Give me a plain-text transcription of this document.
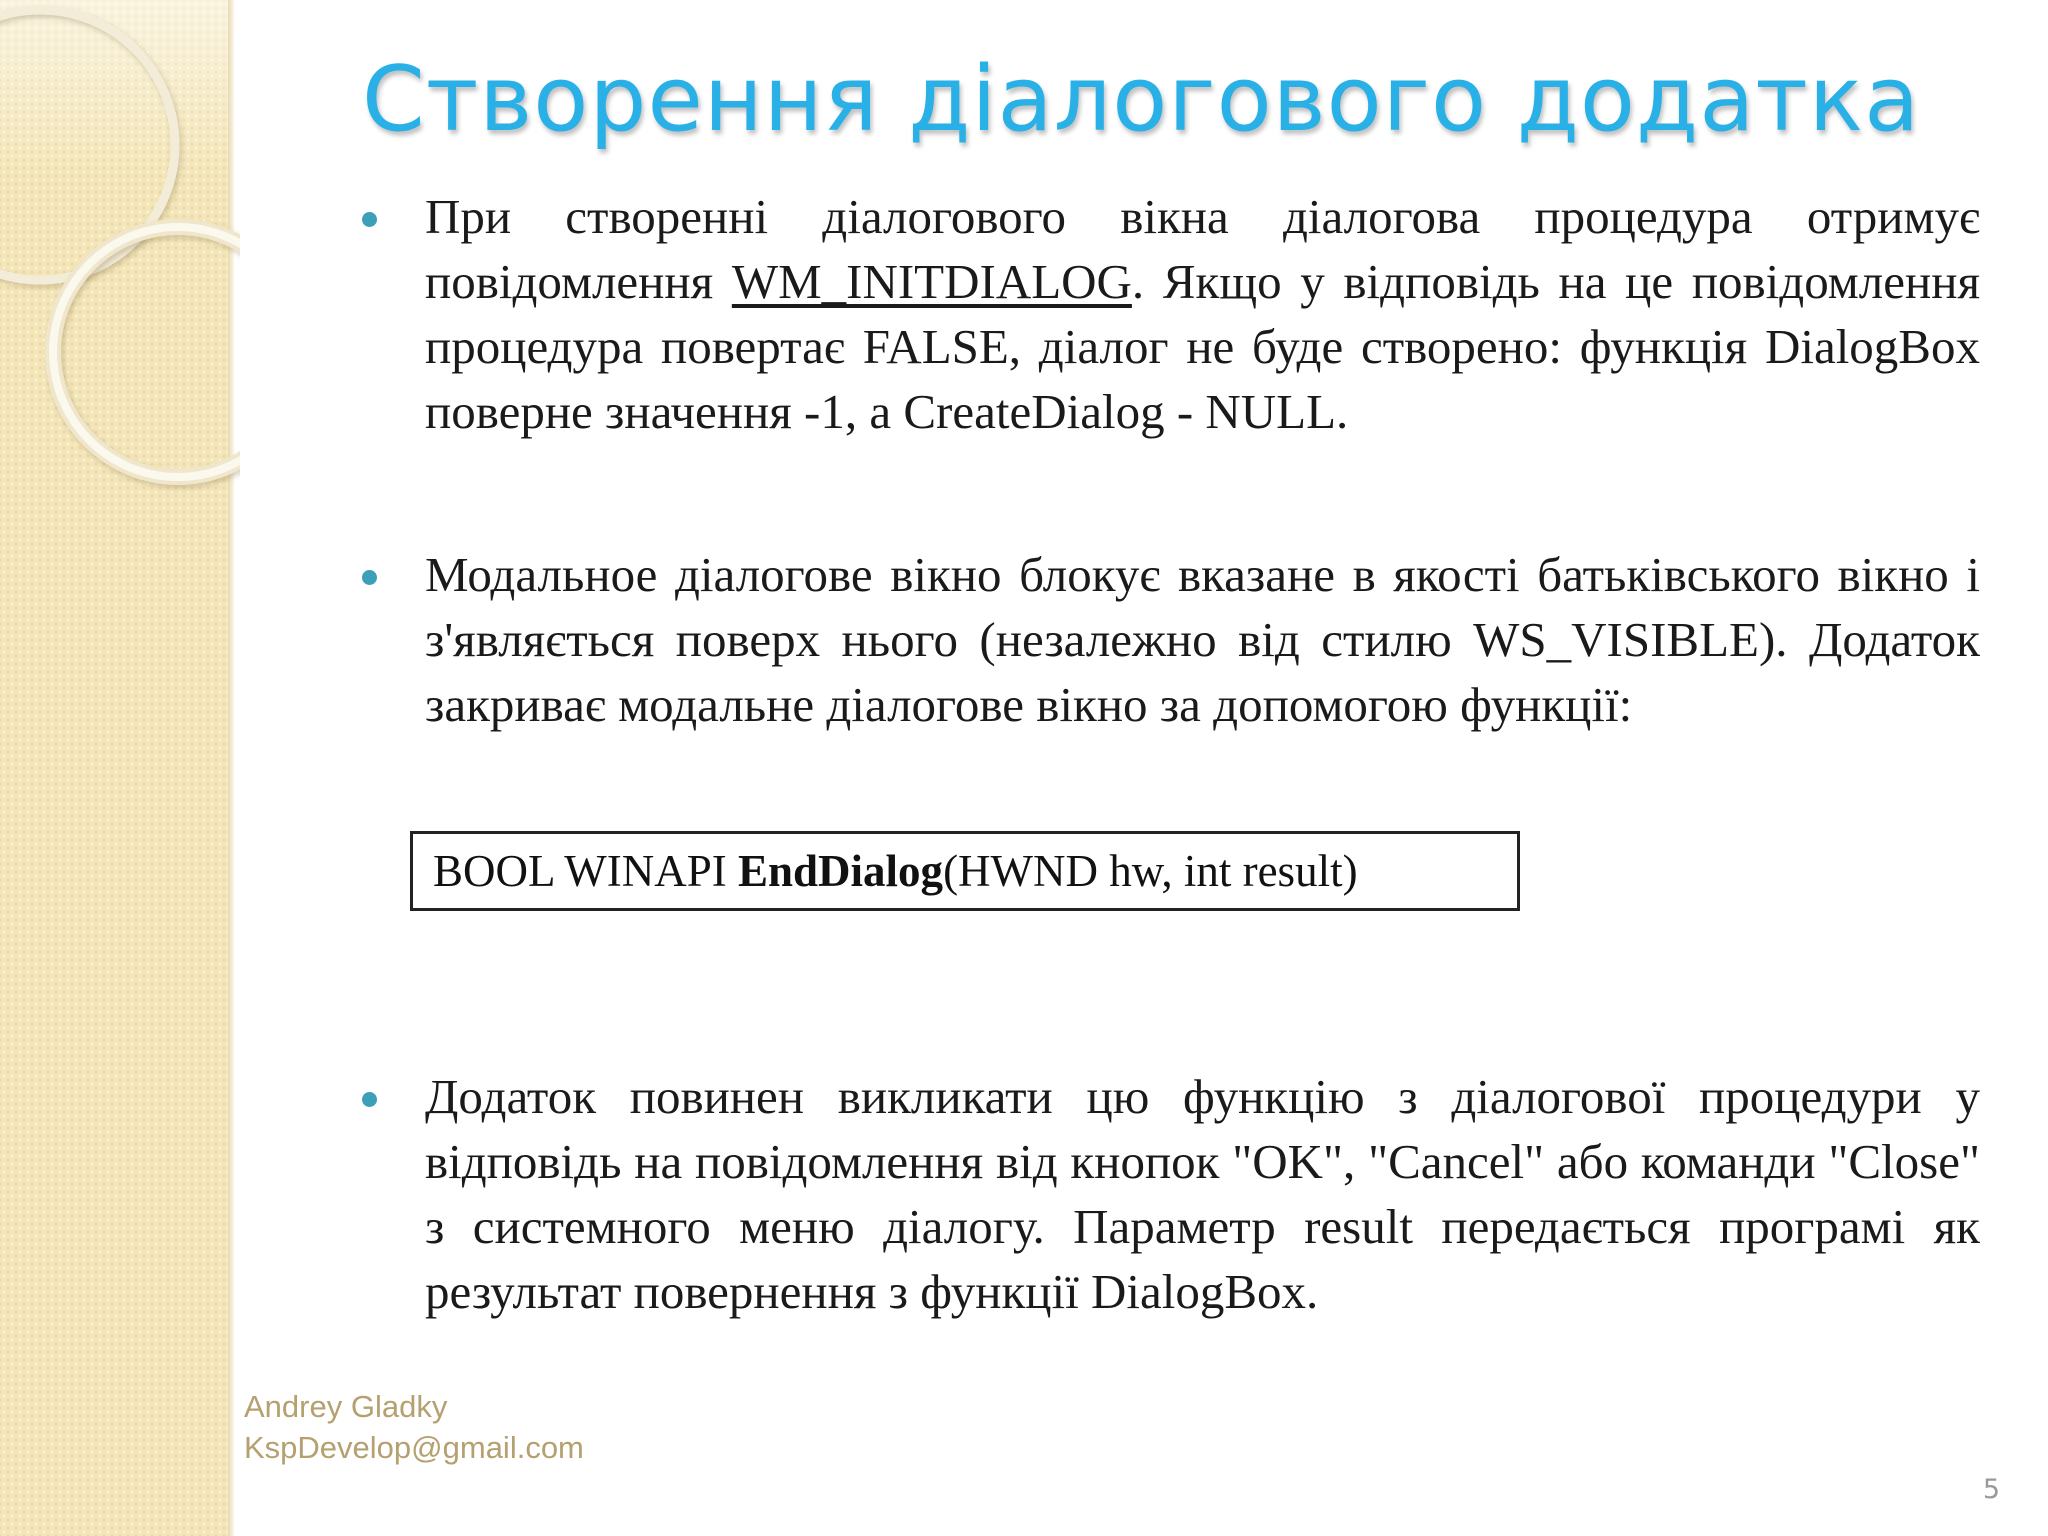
Створення діалогового додатка

При створенні діалогового вікна діалогова процедура отримує повідомлення WM_INITDIALOG. Якщо у відповідь на це повідомлення процедура повертає FALSE, діалог не буде створено: функція DialogBox поверне значення -1, а CreateDialog - NULL.

Модальное діалогове вікно блокує вказане в якості батьківського вікно і з'являється поверх нього (незалежно від стилю WS_VISIBLE). Додаток закриває модальне діалогове вікно за допомогою функції:

Додаток повинен викликати цю функцію з діалогової процедури у відповідь на повідомлення від кнопок "OK", "Cancel" або команди "Close" з системного меню діалогу. Параметр result передається програмі як результат повернення з функції DialogBox.

BOOL WINAPI EndDialog(HWND hw, int result)
Andrey Gladky
KspDevelop@gmail.com
5
